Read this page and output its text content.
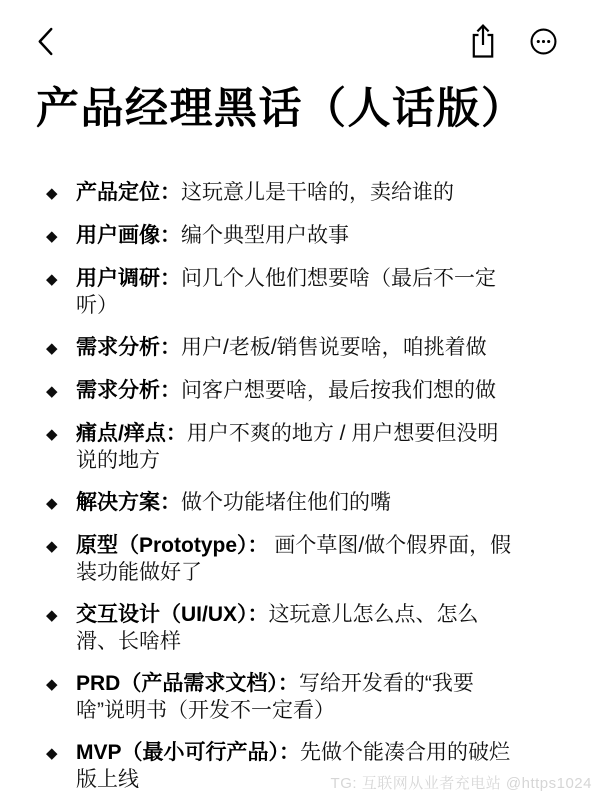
产品经理黑话（人话版）
◆ 产品定位：这玩意儿是干啥的，卖给谁的

◆ 用户画像：编个典型用户故事

◆ 用户调研：问几个人他们想要啥（最后不一定听）

◆ 需求分析：用户/老板/销售说要啥，咱挑着做

◆ 需求分析：问客户想要啥，最后按我们想的做

◆ 痛点/痒点：用户不爽的地方 / 用户想要但没明说的地方

◆ 解决方案：做个功能堵住他们的嘴

◆ 原型（Prototype）： 画个草图/做个假界面，假装功能做好了

◆ 交互设计（UI/UX）：这玩意儿怎么点、怎么滑、长啥样

◆ PRD（产品需求文档）：写给开发看的“我要啥”说明书（开发不一定看）

◆ MVP（最小可行产品）：先做个能凑合用的破烂版上线	TG: 互联网从业者充电站 @https1024
